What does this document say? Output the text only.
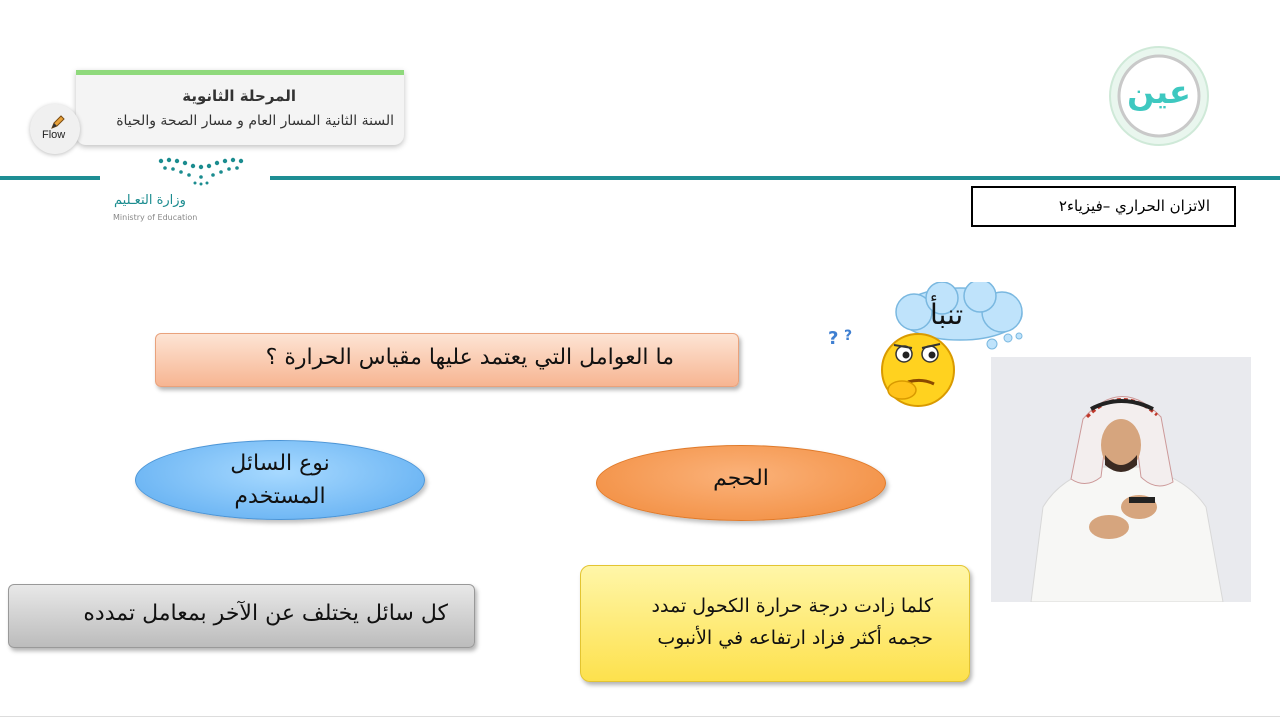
المرحلة الثانوية
السنة الثانية المسار العام و مسار الصحة والحياة
Flow
وزارة التعـليم
Ministry of Education
عين
الاتزان الحراري –فيزياء٢
? ?
تنبأ
ما العوامل التي يعتمد عليها مقياس الحرارة ؟
نوع السائل
المستخدم
الحجم
كل سائل يختلف عن الآخر بمعامل تمدده	كلما زادت درجة حرارة الكحول تمدد
حجمه أكثر فزاد ارتفاعه في الأنبوب
